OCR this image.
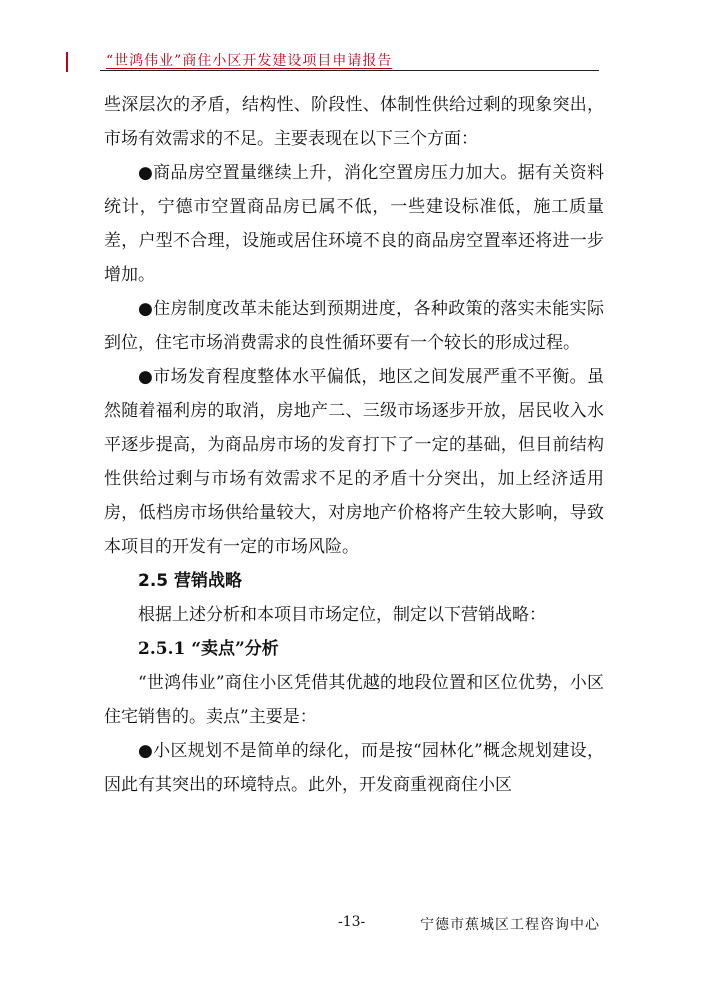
“世鸿伟业”商住小区开发建设项目申请报告

些深层次的矛盾，结构性、阶段性、体制性供给过剩的现象突出，市场有效需求的不足。主要表现在以下三个方面：

●商品房空置量继续上升，消化空置房压力加大。据有关资料统计，宁德市空置商品房已属不低，一些建设标准低，施工质量差，户型不合理，设施或居住环境不良的商品房空置率还将进一步增加。

●住房制度改革未能达到预期进度，各种政策的落实未能实际到位，住宅市场消费需求的良性循环要有一个较长的形成过程。

●市场发育程度整体水平偏低，地区之间发展严重不平衡。虽然随着福利房的取消，房地产二、三级市场逐步开放，居民收入水平逐步提高，为商品房市场的发育打下了一定的基础，但目前结构性供给过剩与市场有效需求不足的矛盾十分突出，加上经济适用房，低档房市场供给量较大，对房地产价格将产生较大影响，导致本项目的开发有一定的市场风险。

2.5 营销战略

根据上述分析和本项目市场定位，制定以下营销战略：

2.5.1 “卖点”分析

“世鸿伟业”商住小区凭借其优越的地段位置和区位优势，小区住宅销售的。卖点”主要是：

●小区规划不是简单的绿化，而是按“园林化”概念规划建设，因此有其突出的环境特点。此外，开发商重视商住小区

-13-	宁德市蕉城区工程咨询中心
